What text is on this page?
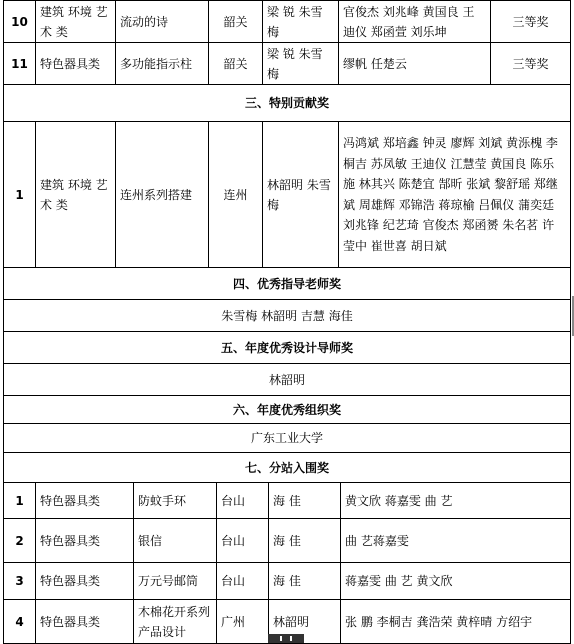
10	建筑 环境 艺术 类	流动的诗	韶关	梁 锐 朱雪梅	官俊杰 刘兆峰 黄国良 王迪仪 郑函萱 刘乐坤	三等奖
11	特色器具类	多功能指示柱	韶关	梁 锐 朱雪梅	缪帆 任楚云	三等奖
三、特别贡献奖						
1	建筑 环境 艺术 类	连州系列搭建	连州	林韶明 朱雪梅	冯鸿斌 郑培鑫 钟灵 廖辉 刘斌 黄泺槐 李桐吉 苏凤敏 王迪仪 江慧莹 黄国良 陈乐施 林其兴 陈楚宜 郜昕 张斌 黎舒瑶 郑继斌 周雄辉 邓锦浩 蒋琼榆 吕佩仪 蒲奕廷 刘兆锋 纪艺琦 官俊杰 郑函赟 朱名茗 许莹中 崔世喜 胡日斌	
四、优秀指导老师奖						
朱雪梅 林韶明 吉慧 海佳						
五、年度优秀设计导师奖						
林韶明						
六、年度优秀组织奖						
广东工业大学						
七、分站入围奖						
1	特色器具类	防蚊手环	台山	海 佳	黄文欣 蒋嘉雯 曲 艺
2	特色器具类	银信	台山	海 佳	曲 艺蒋嘉雯
3	特色器具类	万元号邮筒	台山	海 佳	蒋嘉雯 曲 艺 黄文欣
4	特色器具类	木棉花开系列产品设计	广州	林韶明	张 鹏 李桐吉 龚浩荣 黄梓晴 方绍宇
